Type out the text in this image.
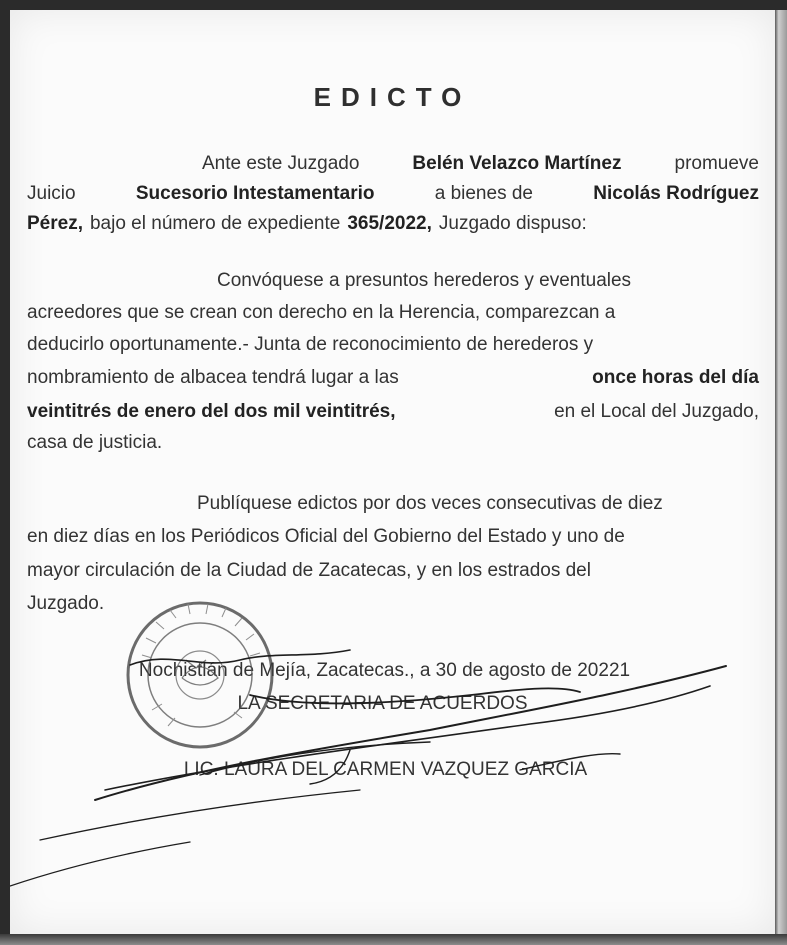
EDICTO
Ante este Juzgado	Belén Velazco Martínez	promueve
Juicio	Sucesorio Intestamentario	a bienes de	Nicolás Rodríguez
Pérez, bajo el número de expediente 365/2022, Juzgado dispuso:
Convóquese a presuntos herederos y eventuales
acreedores que se crean con derecho en la Herencia, comparezcan a
deducirlo oportunamente.- Junta de reconocimiento de herederos y
nombramiento de albacea tendrá lugar a las	once horas del día
veintitrés de enero del dos mil veintitrés,	en el Local del Juzgado,
casa de justicia.
Publíquese edictos por dos veces consecutivas de diez
en diez días en los Periódicos Oficial del Gobierno del Estado y uno de
mayor circulación de la Ciudad de Zacatecas, y en los estrados del
Juzgado.
Nochistlán de Mejía, Zacatecas., a 30 de agosto de 20221
LA SECRETARIA DE ACUERDOS
LIC. LAURA DEL CARMEN VAZQUEZ GARCIA
